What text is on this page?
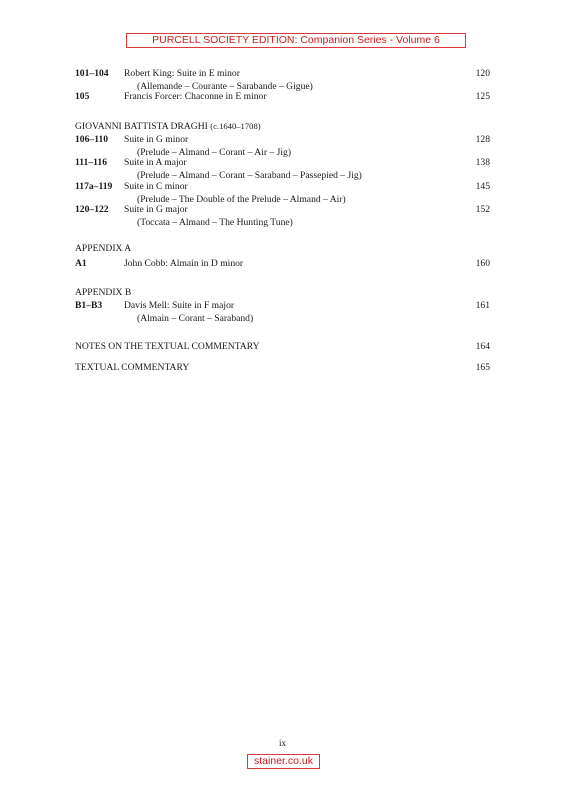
PURCELL SOCIETY EDITION: Companion Series - Volume 6
101–104 Robert King: Suite in E minor	120
(Allemande – Courante – Sarabande – Gigue)
105	Francis Forcer: Chaconne in E minor	125
GIOVANNI BATTISTA DRAGHI (c.1640–1708)
106–110 Suite in G minor	128
(Prelude – Almand – Corant – Air – Jig)
111–116 Suite in A major	138
(Prelude – Almand – Corant – Saraband – Passepied – Jig)
117a–119 Suite in C minor	145
(Prelude – The Double of the Prelude – Almand – Air)
120–122 Suite in G major	152
(Toccata – Almand – The Hunting Tune)
APPENDIX A
A1	John Cobb: Almain in D minor	160
APPENDIX B
B1–B3 Davis Mell: Suite in F major	161
(Almain – Corant – Saraband)
NOTES ON THE TEXTUAL COMMENTARY	164
TEXTUAL COMMENTARY	165
ix
stainer.co.uk
